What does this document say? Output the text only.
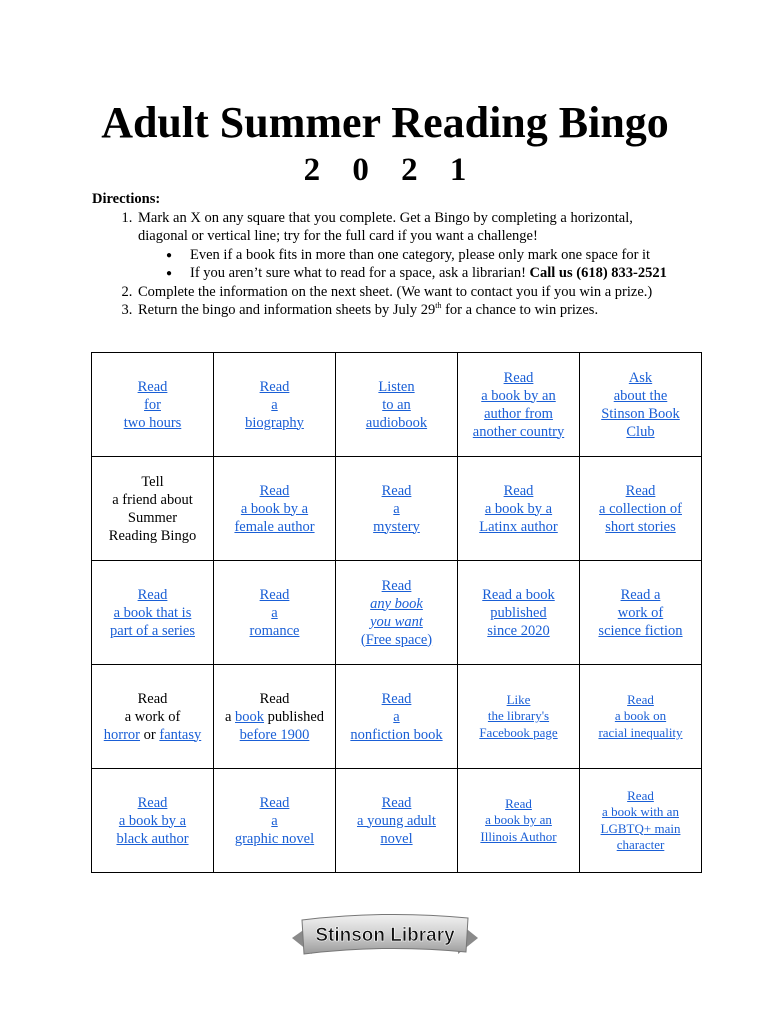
Adult Summer Reading Bingo
2 0 2 1
Directions:
1. Mark an X on any square that you complete. Get a Bingo by completing a horizontal,
diagonal or vertical line; try for the full card if you want a challenge!
● Even if a book fits in more than one category, please only mark one space for it
● If you aren’t sure what to read for a space, ask a librarian! Call us (618) 833-2521
2. Complete the information on the next sheet. (We want to contact you if you win a prize.)
3. Return the bingo and information sheets by July 29th for a chance to win prizes.
Read
for
two hours	Read
a
biography	Listen
to an
audiobook	Read
a book by an
author from
another country	Ask
about the
Stinson Book
Club

Tell
a friend about
Summer
Reading Bingo	Read
a book by a
female author	Read
a
mystery	Read
a book by a
Latinx author	Read
a collection of
short stories

Read
a book that is
part of a series	Read
a
romance	Read
any book
you want
(Free space)	Read a book
published
since 2020	Read a
work of
science fiction

Read
a work of
horror or fantasy	Read
a book published
before 1900	Read
a
nonfiction book	Like
the library's
Facebook page	Read
a book on
racial inequality

Read
a book by a
black author	Read
a
graphic novel	Read
a young adult
novel	Read
a book by an
Illinois Author	Read
a book with an
LGBTQ+ main
character
Stinson Library
